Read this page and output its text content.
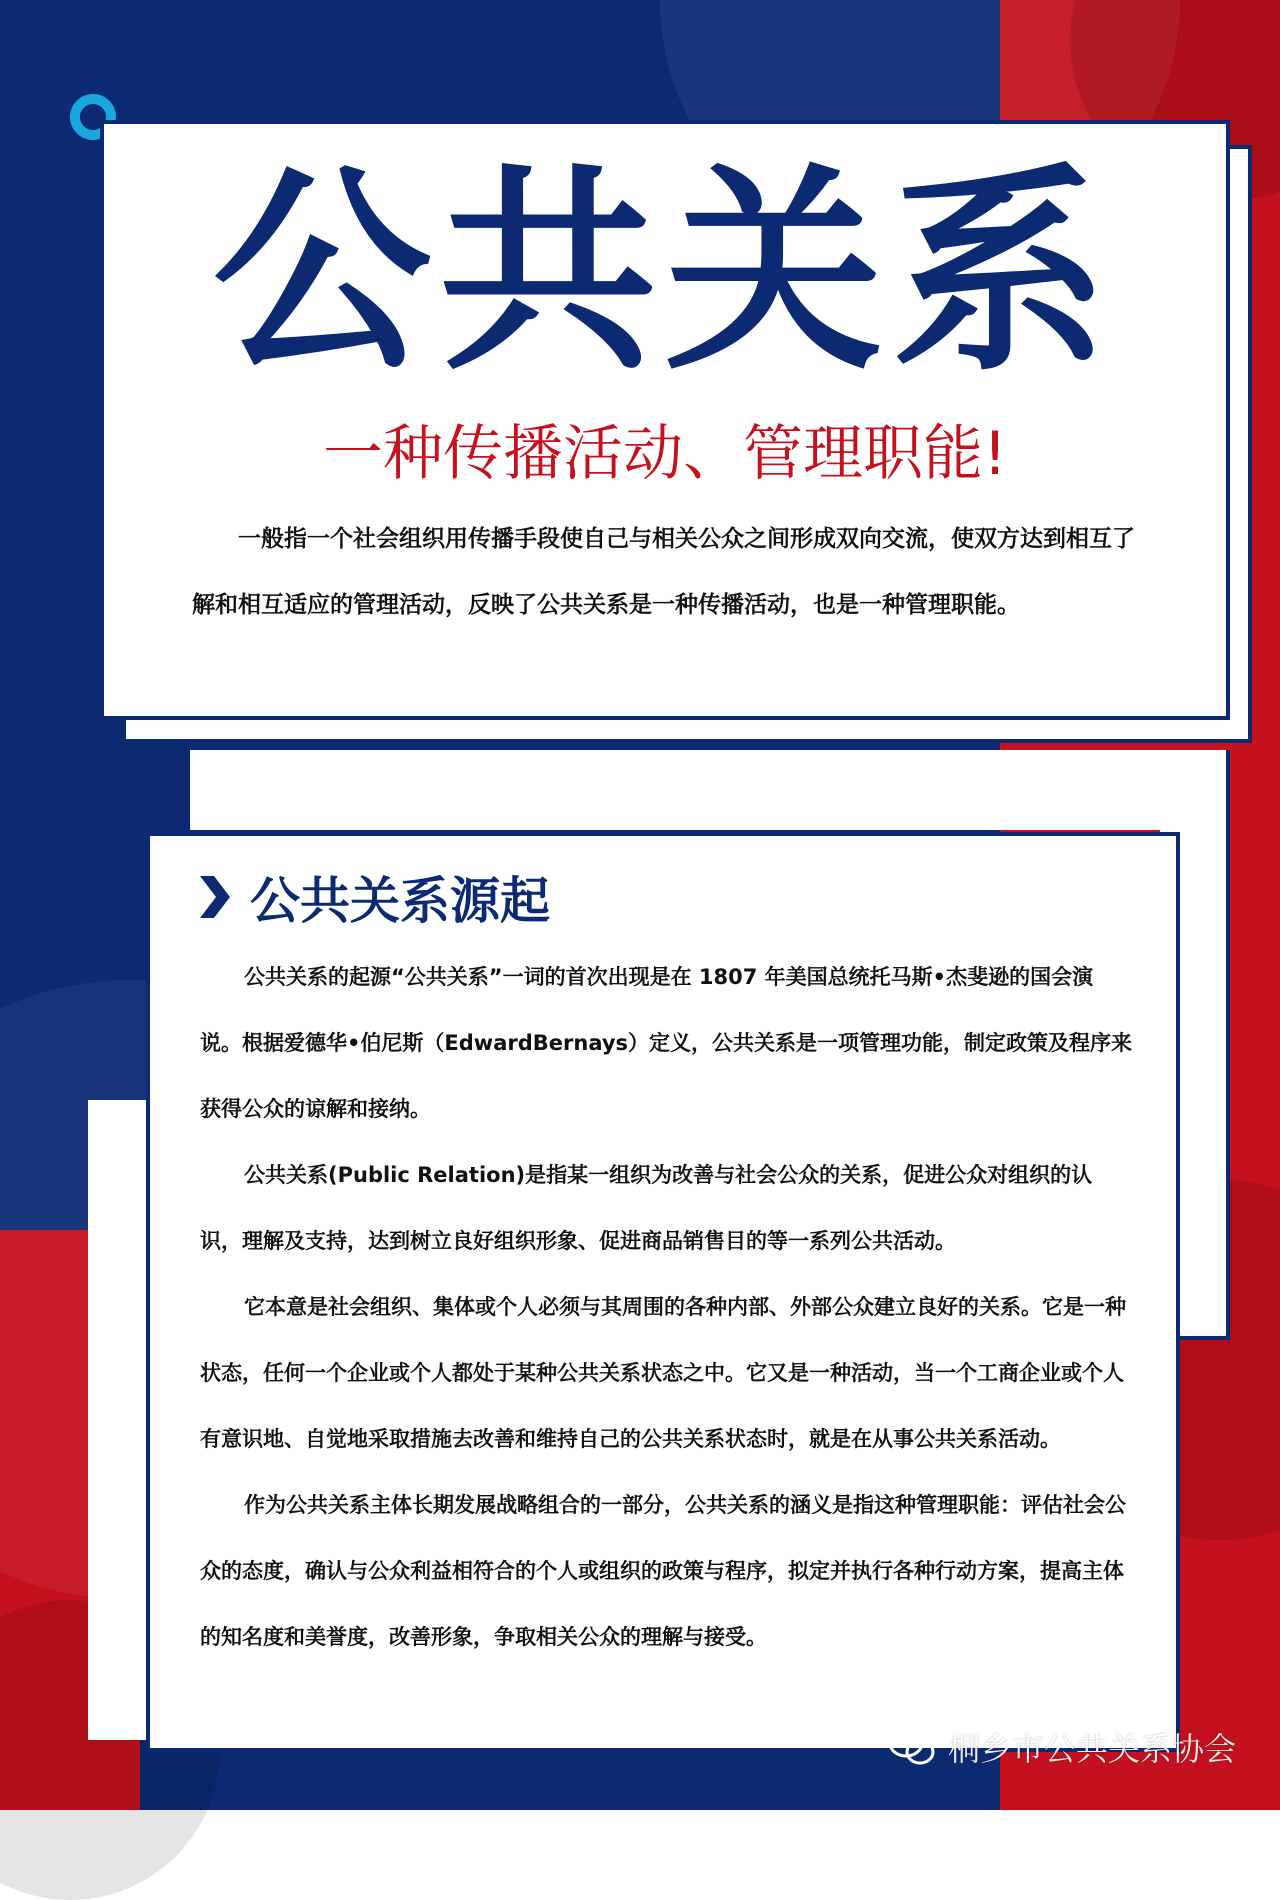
公共关系
一种传播活动、管理职能!

一般指一个社会组织用传播手段使自己与相关公众之间形成双向交流，使双方达到相互了解和相互适应的管理活动，反映了公共关系是一种传播活动，也是一种管理职能。

公共关系源起

公共关系的起源“公共关系”一词的首次出现是在 1807 年美国总统托马斯•杰斐逊的国会演说。根据爱德华•伯尼斯（EdwardBernays）定义，公共关系是一项管理功能，制定政策及程序来获得公众的谅解和接纳。

公共关系(Public Relation)是指某一组织为改善与社会公众的关系，促进公众对组织的认识，理解及支持，达到树立良好组织形象、促进商品销售目的等一系列公共活动。

它本意是社会组织、集体或个人必须与其周围的各种内部、外部公众建立良好的关系。它是一种状态，任何一个企业或个人都处于某种公共关系状态之中。它又是一种活动，当一个工商企业或个人有意识地、自觉地采取措施去改善和维持自己的公共关系状态时，就是在从事公共关系活动。

作为公共关系主体长期发展战略组合的一部分，公共关系的涵义是指这种管理职能：评估社会公众的态度，确认与公众利益相符合的个人或组织的政策与程序，拟定并执行各种行动方案，提高主体的知名度和美誉度，改善形象，争取相关公众的理解与接受。

桐乡市公共关系协会
